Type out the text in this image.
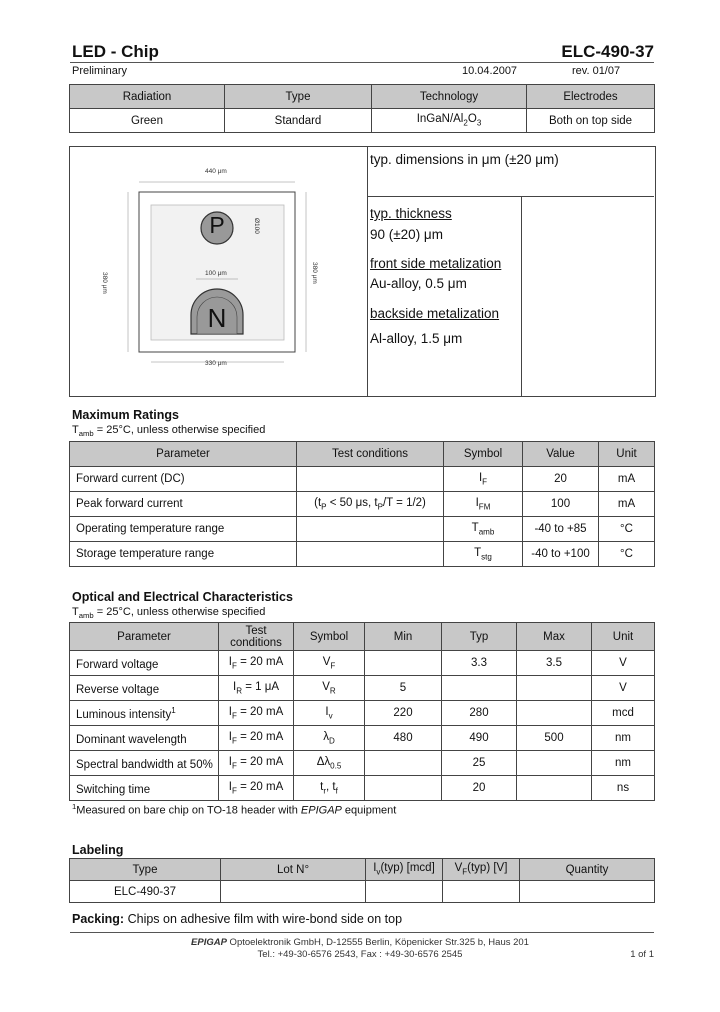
LED - Chip	ELC-490-37
Preliminary	10.04.2007	rev. 01/07
Radiation	Type	Technology	Electrodes
Green	Standard	InGaN/$Al_2O_3$	Both on top side
440 μm
380 μm	380 μm
100 μm
330 μm
Ø100
P
N
typ. dimensions in μm (±20 μm)
typ. thickness
90 (±20) μm
front side metalization
Au-alloy, 0.5 μm
backside metalization
Al-alloy, 1.5 μm
Maximum Ratings
$T_{amb} = 25^\circ C$, unless otherwise specified
Parameter	Test conditions	Symbol	Value	Unit
Forward current (DC)		$I_F$	20	mA
Peak forward current	($t_P < 50$ μs, $t_P/T = 1/2$)	$I_{FM}$	100	mA
Operating temperature range		$T_{amb}$	-40 to +85	°C
Storage temperature range		$T_{stg}$	-40 to +100	°C
Optical and Electrical Characteristics
$T_{amb} = 25^\circ C$, unless otherwise specified
Parameter	Test conditions	Symbol	Min	Typ	Max	Unit
Forward voltage	$I_F = 20$ mA	$V_F$		3.3	3.5	V
Reverse voltage	$I_R = 1$ μA	$V_R$	5			V
Luminous intensity$^1$	$I_F = 20$ mA	$I_v$	220	280		mcd
Dominant wavelength	$I_F = 20$ mA	$\lambda_D$	480	490	500	nm
Spectral bandwidth at 50%	$I_F = 20$ mA	$\Delta\lambda_{0.5}$		25		nm
Switching time	$I_F = 20$ mA	$t_r$, $t_f$		20		ns
$^1$Measured on bare chip on TO-18 header with EPIGAP equipment
Labeling
Type	Lot N°	$I_v(typ)$ [mcd]	$V_F(typ)$ [V]	Quantity
ELC-490-37				
Packing: Chips on adhesive film with wire-bond side on top
EPIGAP Optoelektronik GmbH, D-12555 Berlin, Köpenicker Str.325 b, Haus 201
Tel.: +49-30-6576 2543, Fax : +49-30-6576 2545	1 of 1
